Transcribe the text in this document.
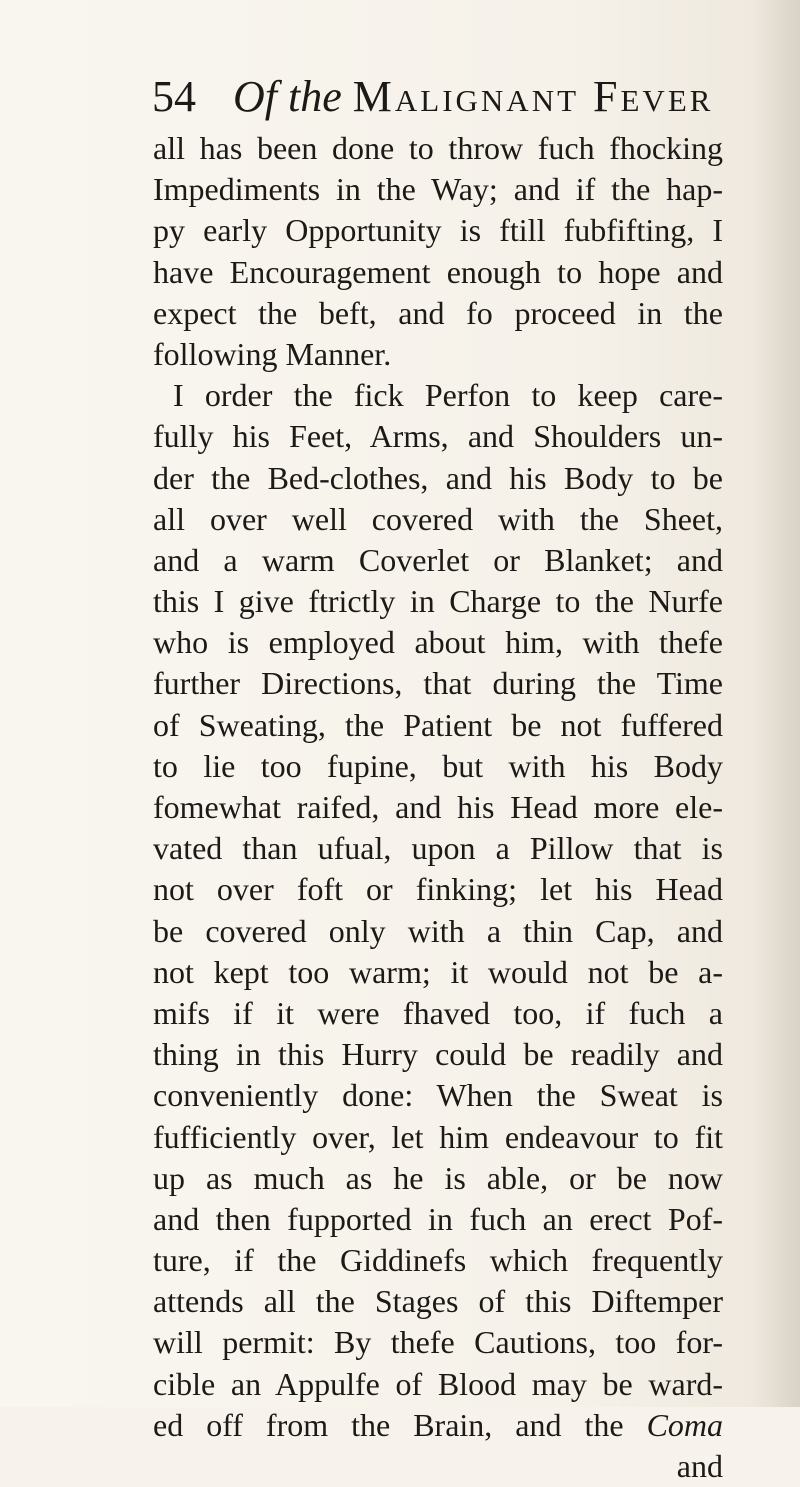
54 Of the Malignant Fever
all has been done to throw fuch fhocking
Impediments in the Way; and if the hap-
py early Opportunity is ftill fubfifting, I
have Encouragement enough to hope and
expect the beft, and fo proceed in the
following Manner.
I order the fick Perfon to keep care-
fully his Feet, Arms, and Shoulders un-
der the Bed-clothes, and his Body to be
all over well covered with the Sheet,
and a warm Coverlet or Blanket; and
this I give ftrictly in Charge to the Nurfe
who is employed about him, with thefe
further Directions, that during the Time
of Sweating, the Patient be not fuffered
to lie too fupine, but with his Body
fomewhat raifed, and his Head more ele-
vated than ufual, upon a Pillow that is
not over foft or finking; let his Head
be covered only with a thin Cap, and
not kept too warm; it would not be a-
mifs if it were fhaved too, if fuch a
thing in this Hurry could be readily and
conveniently done: When the Sweat is
fufficiently over, let him endeavour to fit
up as much as he is able, or be now
and then fupported in fuch an erect Pof-
ture, if the Giddinefs which frequently
attends all the Stages of this Diftemper
will permit: By thefe Cautions, too for-
cible an Appulfe of Blood may be ward-
ed off from the Brain, and the Coma
and
